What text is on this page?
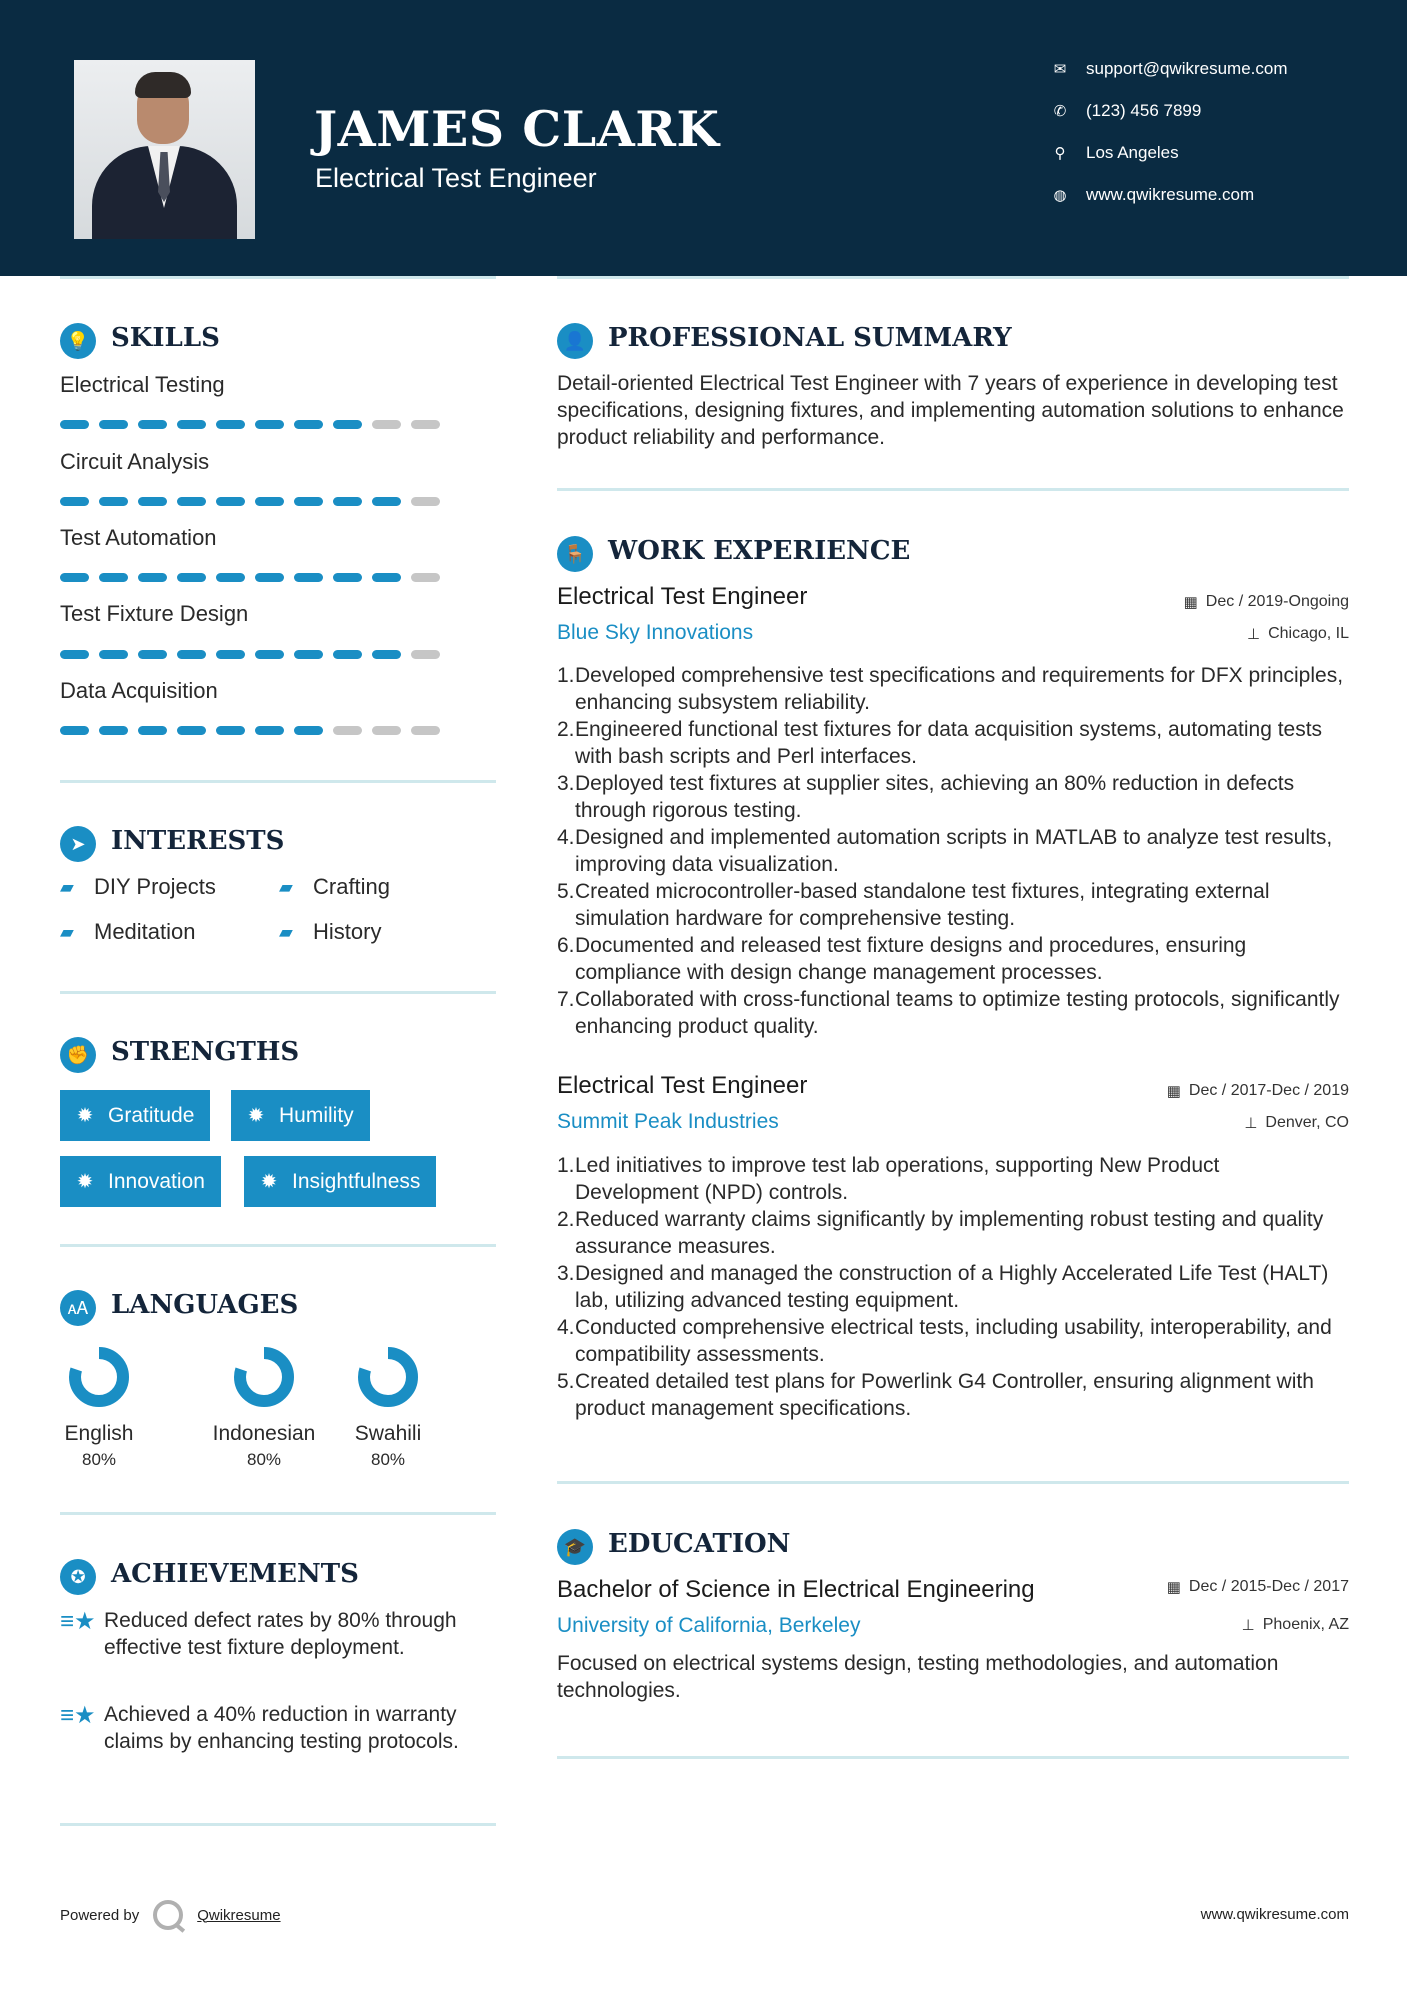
JAMES CLARK
Electrical Test Engineer
✉ support@qwikresume.com
✆ (123) 456 7899
⚲ Los Angeles
◍ www.qwikresume.com
💡 SKILLS
Electrical Testing
Circuit Analysis
Test Automation
Test Fixture Design
Data Acquisition
➤ INTERESTS
▰ DIY Projects	▰ Crafting
▰ Meditation	▰ History
✊ STRENGTHS
✹ Gratitude	✹ Humility
✹ Innovation	✹ Insightfulness
🗚 LANGUAGES
English
80%
Indonesian
80%
Swahili
80%
✪ ACHIEVEMENTS
≡★ Reduced defect rates by 80% through effective test fixture deployment.
≡★ Achieved a 40% reduction in warranty claims by enhancing testing protocols.
👤 PROFESSIONAL SUMMARY
Detail-oriented Electrical Test Engineer with 7 years of experience in developing test specifications, designing fixtures, and implementing automation solutions to enhance product reliability and performance.
🪑 WORK EXPERIENCE
Electrical Test Engineer	▦ Dec / 2019-Ongoing
Blue Sky Innovations	⊥ Chicago, IL
1. Developed comprehensive test specifications and requirements for DFX principles, enhancing subsystem reliability.
2. Engineered functional test fixtures for data acquisition systems, automating tests with bash scripts and Perl interfaces.
3. Deployed test fixtures at supplier sites, achieving an 80% reduction in defects through rigorous testing.
4. Designed and implemented automation scripts in MATLAB to analyze test results, improving data visualization.
5. Created microcontroller-based standalone test fixtures, integrating external simulation hardware for comprehensive testing.
6. Documented and released test fixture designs and procedures, ensuring compliance with design change management processes.
7. Collaborated with cross-functional teams to optimize testing protocols, significantly enhancing product quality.
Electrical Test Engineer	▦ Dec / 2017-Dec / 2019
Summit Peak Industries	⊥ Denver, CO
1. Led initiatives to improve test lab operations, supporting New Product Development (NPD) controls.
2. Reduced warranty claims significantly by implementing robust testing and quality assurance measures.
3. Designed and managed the construction of a Highly Accelerated Life Test (HALT) lab, utilizing advanced testing equipment.
4. Conducted comprehensive electrical tests, including usability, interoperability, and compatibility assessments.
5. Created detailed test plans for Powerlink G4 Controller, ensuring alignment with product management specifications.
🎓 EDUCATION
Bachelor of Science in Electrical Engineering	▦ Dec / 2015-Dec / 2017
University of California, Berkeley	⊥ Phoenix, AZ
Focused on electrical systems design, testing methodologies, and automation technologies.
Powered by	Qwikresume	www.qwikresume.com
